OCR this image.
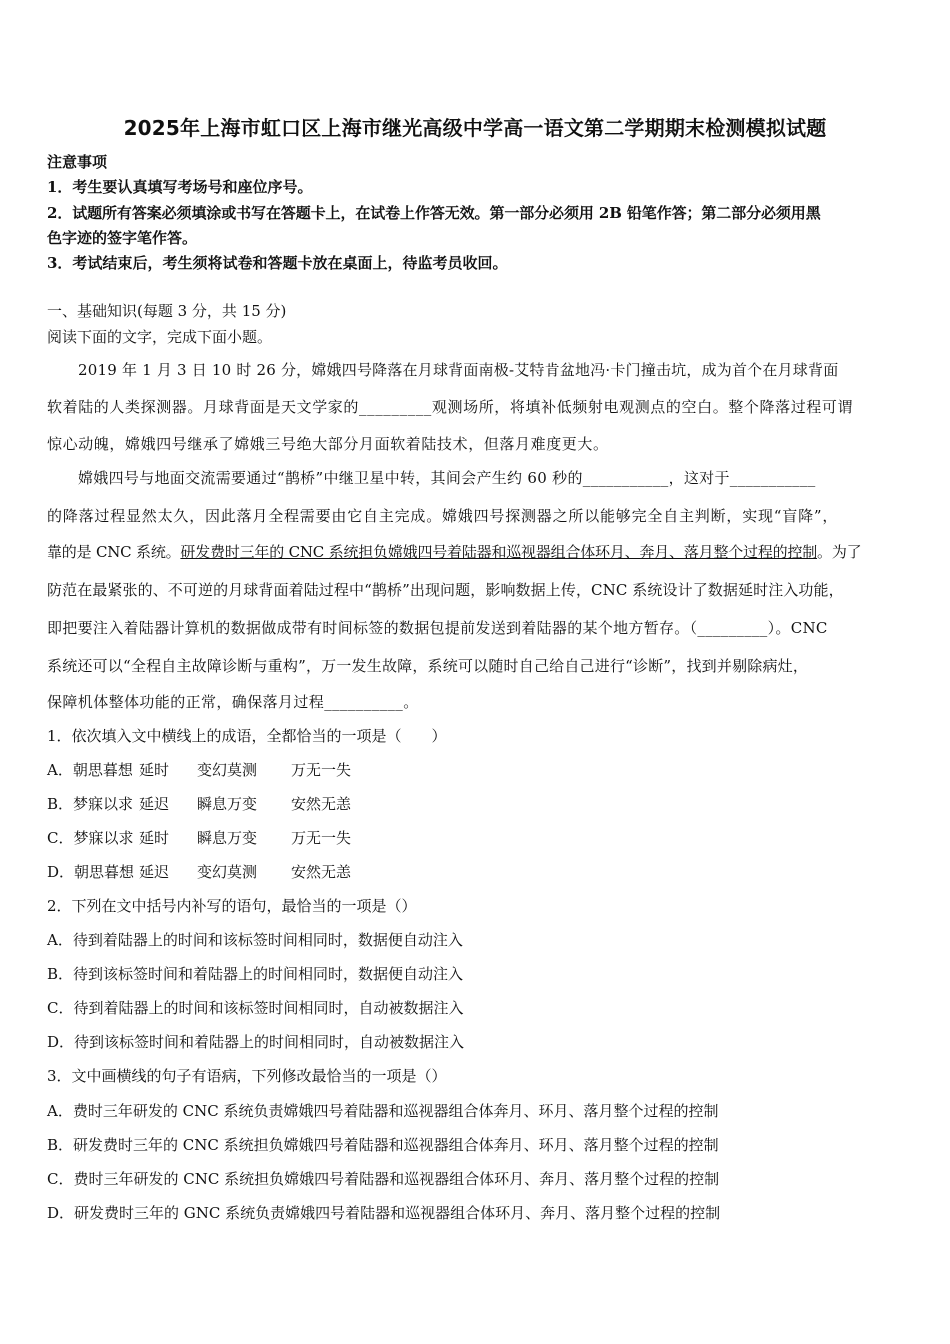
2025年上海市虹口区上海市继光高级中学高一语文第二学期期末检测模拟试题
注意事项
1．考生要认真填写考场号和座位序号。
2．试题所有答案必须填涂或书写在答题卡上，在试卷上作答无效。第一部分必须用 2B 铅笔作答；第二部分必须用黑
色字迹的签字笔作答。
3．考试结束后，考生须将试卷和答题卡放在桌面上，待监考员收回。
一、基础知识(每题 3 分，共 15 分)
阅读下面的文字，完成下面小题。
2019 年 1 月 3 日 10 时 26 分，嫦娥四号降落在月球背面南极-艾特肯盆地冯·卡门撞击坑，成为首个在月球背面
软着陆的人类探测器。月球背面是天文学家的_________观测场所，将填补低频射电观测点的空白。整个降落过程可谓
惊心动魄，嫦娥四号继承了嫦娥三号绝大部分月面软着陆技术，但落月难度更大。
嫦娥四号与地面交流需要通过“鹊桥”中继卫星中转，其间会产生约 60 秒的___________，这对于___________
的降落过程显然太久，因此落月全程需要由它自主完成。嫦娥四号探测器之所以能够完全自主判断，实现“盲降”，
靠的是 CNC 系统。研发费时三年的 CNC 系统担负嫦娥四号着陆器和巡视器组合体环月、奔月、落月整个过程的控制。为了
防范在最紧张的、不可逆的月球背面着陆过程中“鹊桥”出现问题，影响数据上传，CNC 系统设计了数据延时注入功能，
即把要注入着陆器计算机的数据做成带有时间标签的数据包提前发送到着陆器的某个地方暂存。（_________）。CNC
系统还可以“全程自主故障诊断与重构”，万一发生故障，系统可以随时自己给自己进行“诊断”，找到并剔除病灶，
保障机体整体功能的正常，确保落月过程__________。
1．依次填入文中横线上的成语，全都恰当的一项是（　　）
A．朝思暮想 延时 变幻莫测 万无一失
B．梦寐以求 延迟 瞬息万变 安然无恙
C．梦寐以求 延时 瞬息万变 万无一失
D．朝思暮想 延迟 变幻莫测 安然无恙
2．下列在文中括号内补写的语句，最恰当的一项是（）
A．待到着陆器上的时间和该标签时间相同时，数据便自动注入
B．待到该标签时间和着陆器上的时间相同时，数据便自动注入
C．待到着陆器上的时间和该标签时间相同时，自动被数据注入
D．待到该标签时间和着陆器上的时间相同时，自动被数据注入
3．文中画横线的句子有语病，下列修改最恰当的一项是（）
A．费时三年研发的 CNC 系统负责嫦娥四号着陆器和巡视器组合体奔月、环月、落月整个过程的控制
B．研发费时三年的 CNC 系统担负嫦娥四号着陆器和巡视器组合体奔月、环月、落月整个过程的控制
C．费时三年研发的 CNC 系统担负嫦娥四号着陆器和巡视器组合体环月、奔月、落月整个过程的控制
D．研发费时三年的 GNC 系统负责嫦娥四号着陆器和巡视器组合体环月、奔月、落月整个过程的控制
